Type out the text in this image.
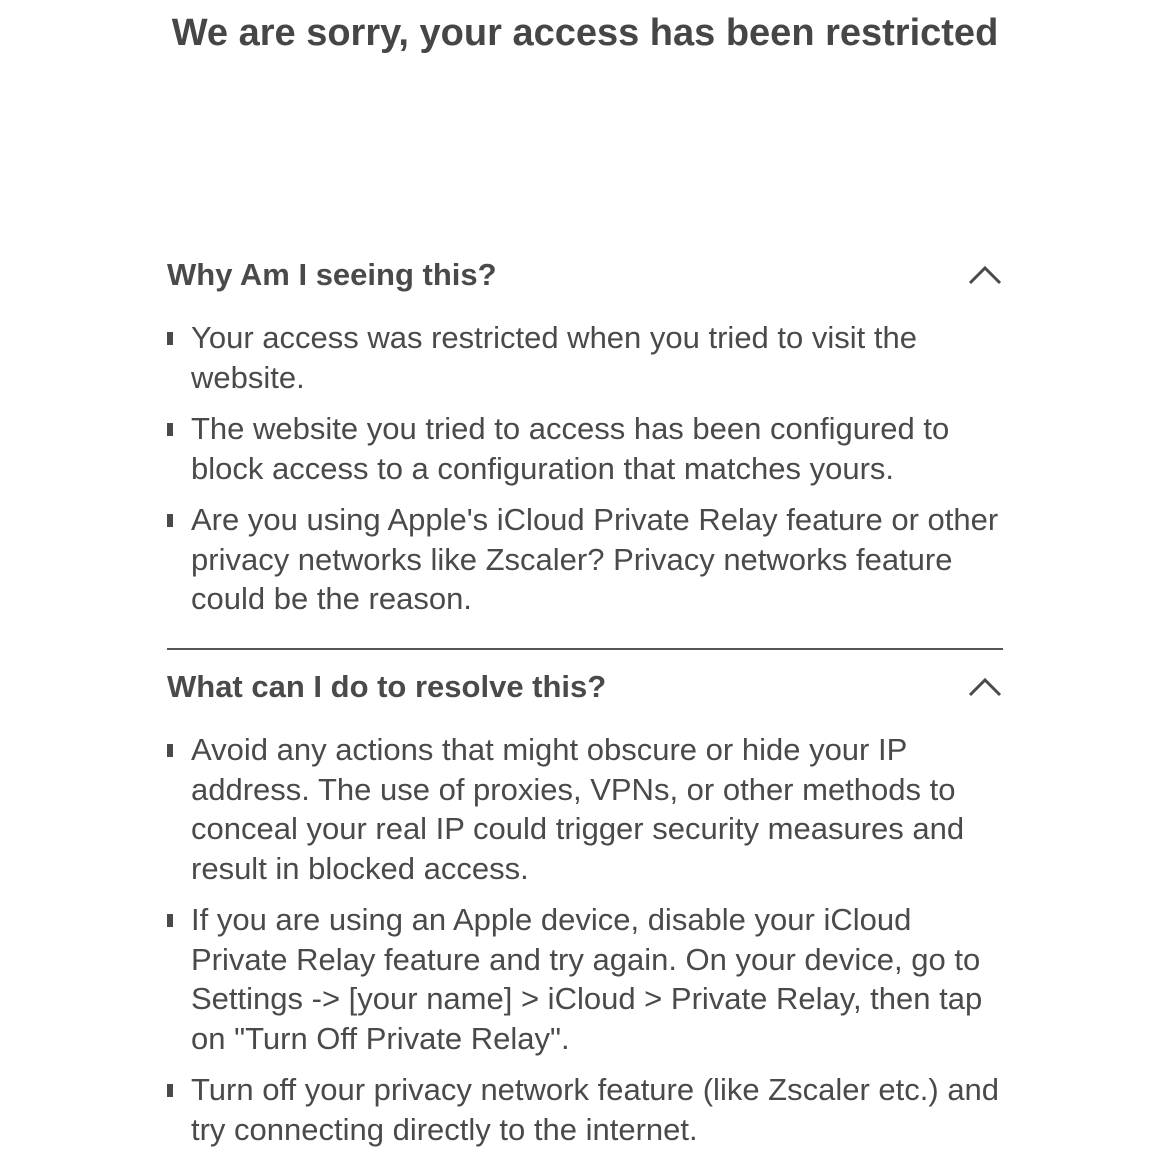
We are sorry, your access has been restricted
Why Am I seeing this?
Your access was restricted when you tried to visit the website.
The website you tried to access has been configured to block access to a configuration that matches yours.
Are you using Apple's iCloud Private Relay feature or other privacy networks like Zscaler? Privacy networks feature could be the reason.
What can I do to resolve this?
Avoid any actions that might obscure or hide your IP address. The use of proxies, VPNs, or other methods to conceal your real IP could trigger security measures and result in blocked access.
If you are using an Apple device, disable your iCloud Private Relay feature and try again. On your device, go to Settings -> [your name] > iCloud > Private Relay, then tap on "Turn Off Private Relay".
Turn off your privacy network feature (like Zscaler etc.) and try connecting directly to the internet.
